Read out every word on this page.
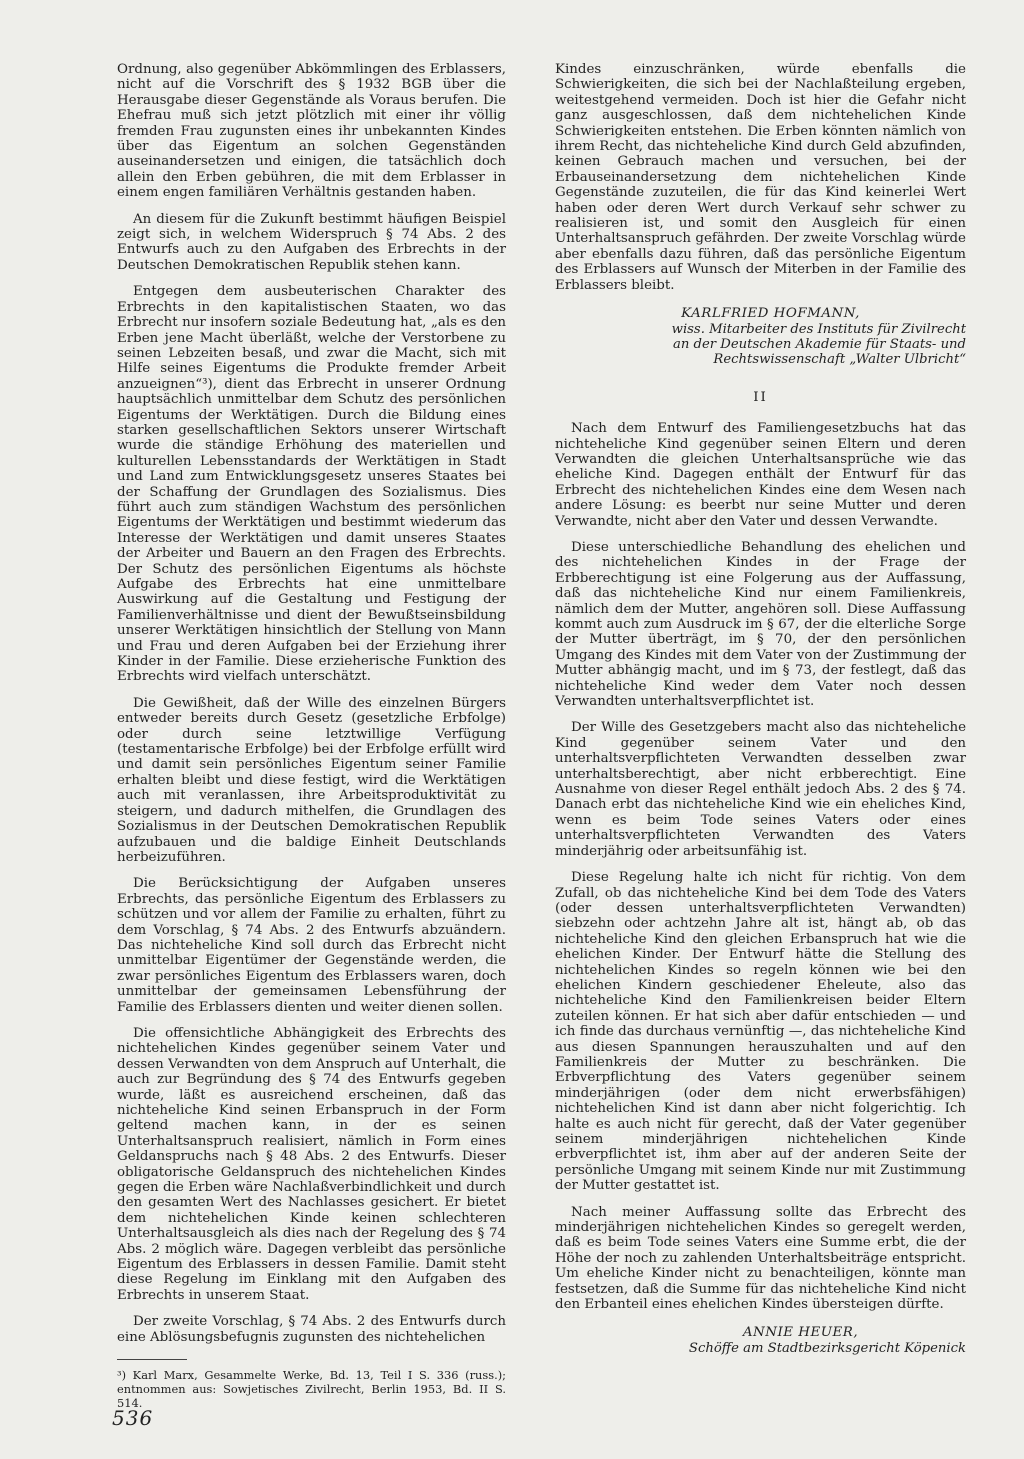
Ordnung, also gegenüber Abkömmlingen des Erblassers, nicht auf die Vorschrift des § 1932 BGB über die Herausgabe dieser Gegenstände als Voraus berufen. Die Ehefrau muß sich jetzt plötzlich mit einer ihr völlig fremden Frau zugunsten eines ihr unbekannten Kindes über das Eigentum an solchen Gegenständen auseinandersetzen und einigen, die tatsächlich doch allein den Erben gebühren, die mit dem Erblasser in einem engen familiären Verhältnis gestanden haben.

An diesem für die Zukunft bestimmt häufigen Beispiel zeigt sich, in welchem Widerspruch § 74 Abs. 2 des Entwurfs auch zu den Aufgaben des Erbrechts in der Deutschen Demokratischen Republik stehen kann.

Entgegen dem ausbeuterischen Charakter des Erbrechts in den kapitalistischen Staaten, wo das Erbrecht nur insofern soziale Bedeutung hat, „als es den Erben jene Macht überläßt, welche der Verstorbene zu seinen Lebzeiten besaß, und zwar die Macht, sich mit Hilfe seines Eigentums die Produkte fremder Arbeit anzueignen“³), dient das Erbrecht in unserer Ordnung hauptsächlich unmittelbar dem Schutz des persönlichen Eigentums der Werktätigen. Durch die Bildung eines starken gesellschaftlichen Sektors unserer Wirtschaft wurde die ständige Erhöhung des materiellen und kulturellen Lebensstandards der Werktätigen in Stadt und Land zum Entwicklungsgesetz unseres Staates bei der Schaffung der Grundlagen des Sozialismus. Dies führt auch zum ständigen Wachstum des persönlichen Eigentums der Werktätigen und bestimmt wiederum das Interesse der Werktätigen und damit unseres Staates der Arbeiter und Bauern an den Fragen des Erbrechts. Der Schutz des persönlichen Eigentums als höchste Aufgabe des Erbrechts hat eine unmittelbare Auswirkung auf die Gestaltung und Festigung der Familienverhältnisse und dient der Bewußtseinsbildung unserer Werktätigen hinsichtlich der Stellung von Mann und Frau und deren Aufgaben bei der Erziehung ihrer Kinder in der Familie. Diese erzieherische Funktion des Erbrechts wird vielfach unterschätzt.

Die Gewißheit, daß der Wille des einzelnen Bürgers entweder bereits durch Gesetz (gesetzliche Erbfolge) oder durch seine letztwillige Verfügung (testamentarische Erbfolge) bei der Erbfolge erfüllt wird und damit sein persönliches Eigentum seiner Familie erhalten bleibt und diese festigt, wird die Werktätigen auch mit veranlassen, ihre Arbeitsproduktivität zu steigern, und dadurch mithelfen, die Grundlagen des Sozialismus in der Deutschen Demokratischen Republik aufzubauen und die baldige Einheit Deutschlands herbeizuführen.

Die Berücksichtigung der Aufgaben unseres Erbrechts, das persönliche Eigentum des Erblassers zu schützen und vor allem der Familie zu erhalten, führt zu dem Vorschlag, § 74 Abs. 2 des Entwurfs abzuändern. Das nichteheliche Kind soll durch das Erbrecht nicht unmittelbar Eigentümer der Gegenstände werden, die zwar persönliches Eigentum des Erblassers waren, doch unmittelbar der gemeinsamen Lebensführung der Familie des Erblassers dienten und weiter dienen sollen.

Die offensichtliche Abhängigkeit des Erbrechts des nichtehelichen Kindes gegenüber seinem Vater und dessen Verwandten von dem Anspruch auf Unterhalt, die auch zur Begründung des § 74 des Entwurfs gegeben wurde, läßt es ausreichend erscheinen, daß das nichteheliche Kind seinen Erbanspruch in der Form geltend machen kann, in der es seinen Unterhaltsanspruch realisiert, nämlich in Form eines Geldanspruchs nach § 48 Abs. 2 des Entwurfs. Dieser obligatorische Geldanspruch des nichtehelichen Kindes gegen die Erben wäre Nachlaßverbindlichkeit und durch den gesamten Wert des Nachlasses gesichert. Er bietet dem nichtehelichen Kinde keinen schlechteren Unterhaltsausgleich als dies nach der Regelung des § 74 Abs. 2 möglich wäre. Dagegen verbleibt das persönliche Eigentum des Erblassers in dessen Familie. Damit steht diese Regelung im Einklang mit den Aufgaben des Erbrechts in unserem Staat.

Der zweite Vorschlag, § 74 Abs. 2 des Entwurfs durch eine Ablösungsbefugnis zugunsten des nichtehelichen

³) Karl Marx, Gesammelte Werke, Bd. 13, Teil I S. 336 (russ.); entnommen aus: Sowjetisches Zivilrecht, Berlin 1953, Bd. II S. 514.

Kindes einzuschränken, würde ebenfalls die Schwierigkeiten, die sich bei der Nachlaßteilung ergeben, weitestgehend vermeiden. Doch ist hier die Gefahr nicht ganz ausgeschlossen, daß dem nichtehelichen Kinde Schwierigkeiten entstehen. Die Erben könnten nämlich von ihrem Recht, das nichteheliche Kind durch Geld abzufinden, keinen Gebrauch machen und versuchen, bei der Erbauseinandersetzung dem nichtehelichen Kinde Gegenstände zuzuteilen, die für das Kind keinerlei Wert haben oder deren Wert durch Verkauf sehr schwer zu realisieren ist, und somit den Ausgleich für einen Unterhaltsanspruch gefährden. Der zweite Vorschlag würde aber ebenfalls dazu führen, daß das persönliche Eigentum des Erblassers auf Wunsch der Miterben in der Familie des Erblassers bleibt.

KARLFRIED HOFMANN,
wiss. Mitarbeiter des Instituts für Zivilrecht
an der Deutschen Akademie für Staats- und
Rechtswissenschaft „Walter Ulbricht“
II

Nach dem Entwurf des Familiengesetzbuchs hat das nichteheliche Kind gegenüber seinen Eltern und deren Verwandten die gleichen Unterhaltsansprüche wie das eheliche Kind. Dagegen enthält der Entwurf für das Erbrecht des nichtehelichen Kindes eine dem Wesen nach andere Lösung: es beerbt nur seine Mutter und deren Verwandte, nicht aber den Vater und dessen Verwandte.

Diese unterschiedliche Behandlung des ehelichen und des nichtehelichen Kindes in der Frage der Erbberechtigung ist eine Folgerung aus der Auffassung, daß das nichteheliche Kind nur einem Familienkreis, nämlich dem der Mutter, angehören soll. Diese Auffassung kommt auch zum Ausdruck im § 67, der die elterliche Sorge der Mutter überträgt, im § 70, der den persönlichen Umgang des Kindes mit dem Vater von der Zustimmung der Mutter abhängig macht, und im § 73, der festlegt, daß das nichteheliche Kind weder dem Vater noch dessen Verwandten unterhaltsverpflichtet ist.

Der Wille des Gesetzgebers macht also das nichteheliche Kind gegenüber seinem Vater und den unterhaltsverpflichteten Verwandten desselben zwar unterhaltsberechtigt, aber nicht erbberechtigt. Eine Ausnahme von dieser Regel enthält jedoch Abs. 2 des § 74. Danach erbt das nichteheliche Kind wie ein eheliches Kind, wenn es beim Tode seines Vaters oder eines unterhaltsverpflichteten Verwandten des Vaters minderjährig oder arbeitsunfähig ist.

Diese Regelung halte ich nicht für richtig. Von dem Zufall, ob das nichteheliche Kind bei dem Tode des Vaters (oder dessen unterhaltsverpflichteten Verwandten) siebzehn oder achtzehn Jahre alt ist, hängt ab, ob das nichteheliche Kind den gleichen Erbanspruch hat wie die ehelichen Kinder. Der Entwurf hätte die Stellung des nichtehelichen Kindes so regeln können wie bei den ehelichen Kindern geschiedener Eheleute, also das nichteheliche Kind den Familienkreisen beider Eltern zuteilen können. Er hat sich aber dafür entschieden — und ich finde das durchaus vernünftig —, das nichteheliche Kind aus diesen Spannungen herauszuhalten und auf den Familienkreis der Mutter zu beschränken. Die Erbverpflichtung des Vaters gegenüber seinem minderjährigen (oder dem nicht erwerbsfähigen) nichtehelichen Kind ist dann aber nicht folgerichtig. Ich halte es auch nicht für gerecht, daß der Vater gegenüber seinem minderjährigen nichtehelichen Kinde erbverpflichtet ist, ihm aber auf der anderen Seite der persönliche Umgang mit seinem Kinde nur mit Zustimmung der Mutter gestattet ist.

Nach meiner Auffassung sollte das Erbrecht des minderjährigen nichtehelichen Kindes so geregelt werden, daß es beim Tode seines Vaters eine Summe erbt, die der Höhe der noch zu zahlenden Unterhaltsbeiträge entspricht. Um eheliche Kinder nicht zu benachteiligen, könnte man festsetzen, daß die Summe für das nichteheliche Kind nicht den Erbanteil eines ehelichen Kindes übersteigen dürfte.

ANNIE HEUER,
Schöffe am Stadtbezirksgericht Köpenick
536
